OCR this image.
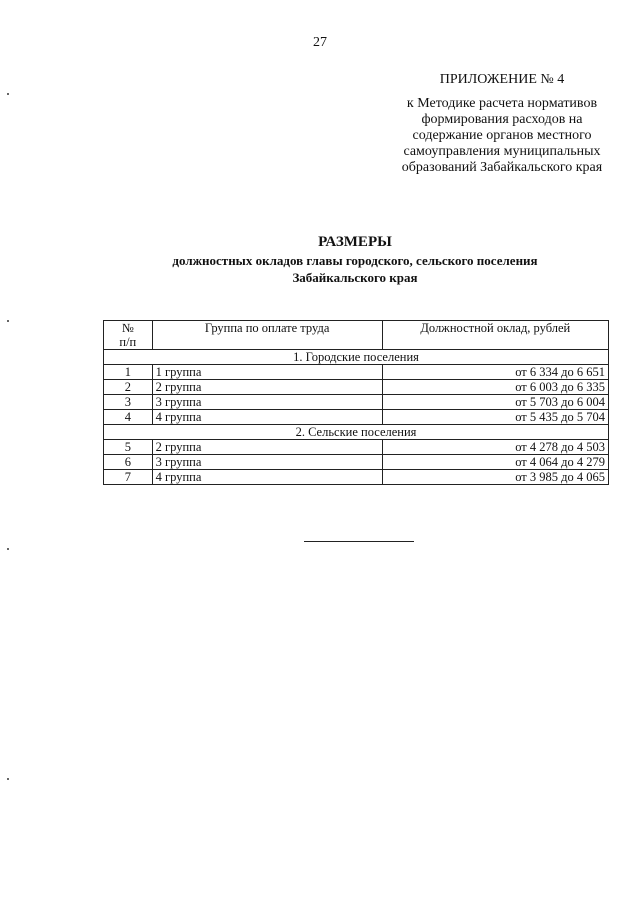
27
ПРИЛОЖЕНИЕ № 4
к Методике расчета нормативов
формирования расходов на
содержание органов местного
самоуправления муниципальных
образований Забайкальского края
РАЗМЕРЫ
должностных окладов главы городского, сельского поселения
Забайкальского края
№
п/п	Группа по оплате труда	Должностной оклад, рублей
1. Городские поселения		
1	1 группа	от 6 334 до 6 651
2	2 группа	от 6 003 до 6 335
3	3 группа	от 5 703 до 6 004
4	4 группа	от 5 435 до 5 704
2. Сельские поселения		
5	2 группа	от 4 278 до 4 503
6	3 группа	от 4 064 до 4 279
7	4 группа	от 3 985 до 4 065
